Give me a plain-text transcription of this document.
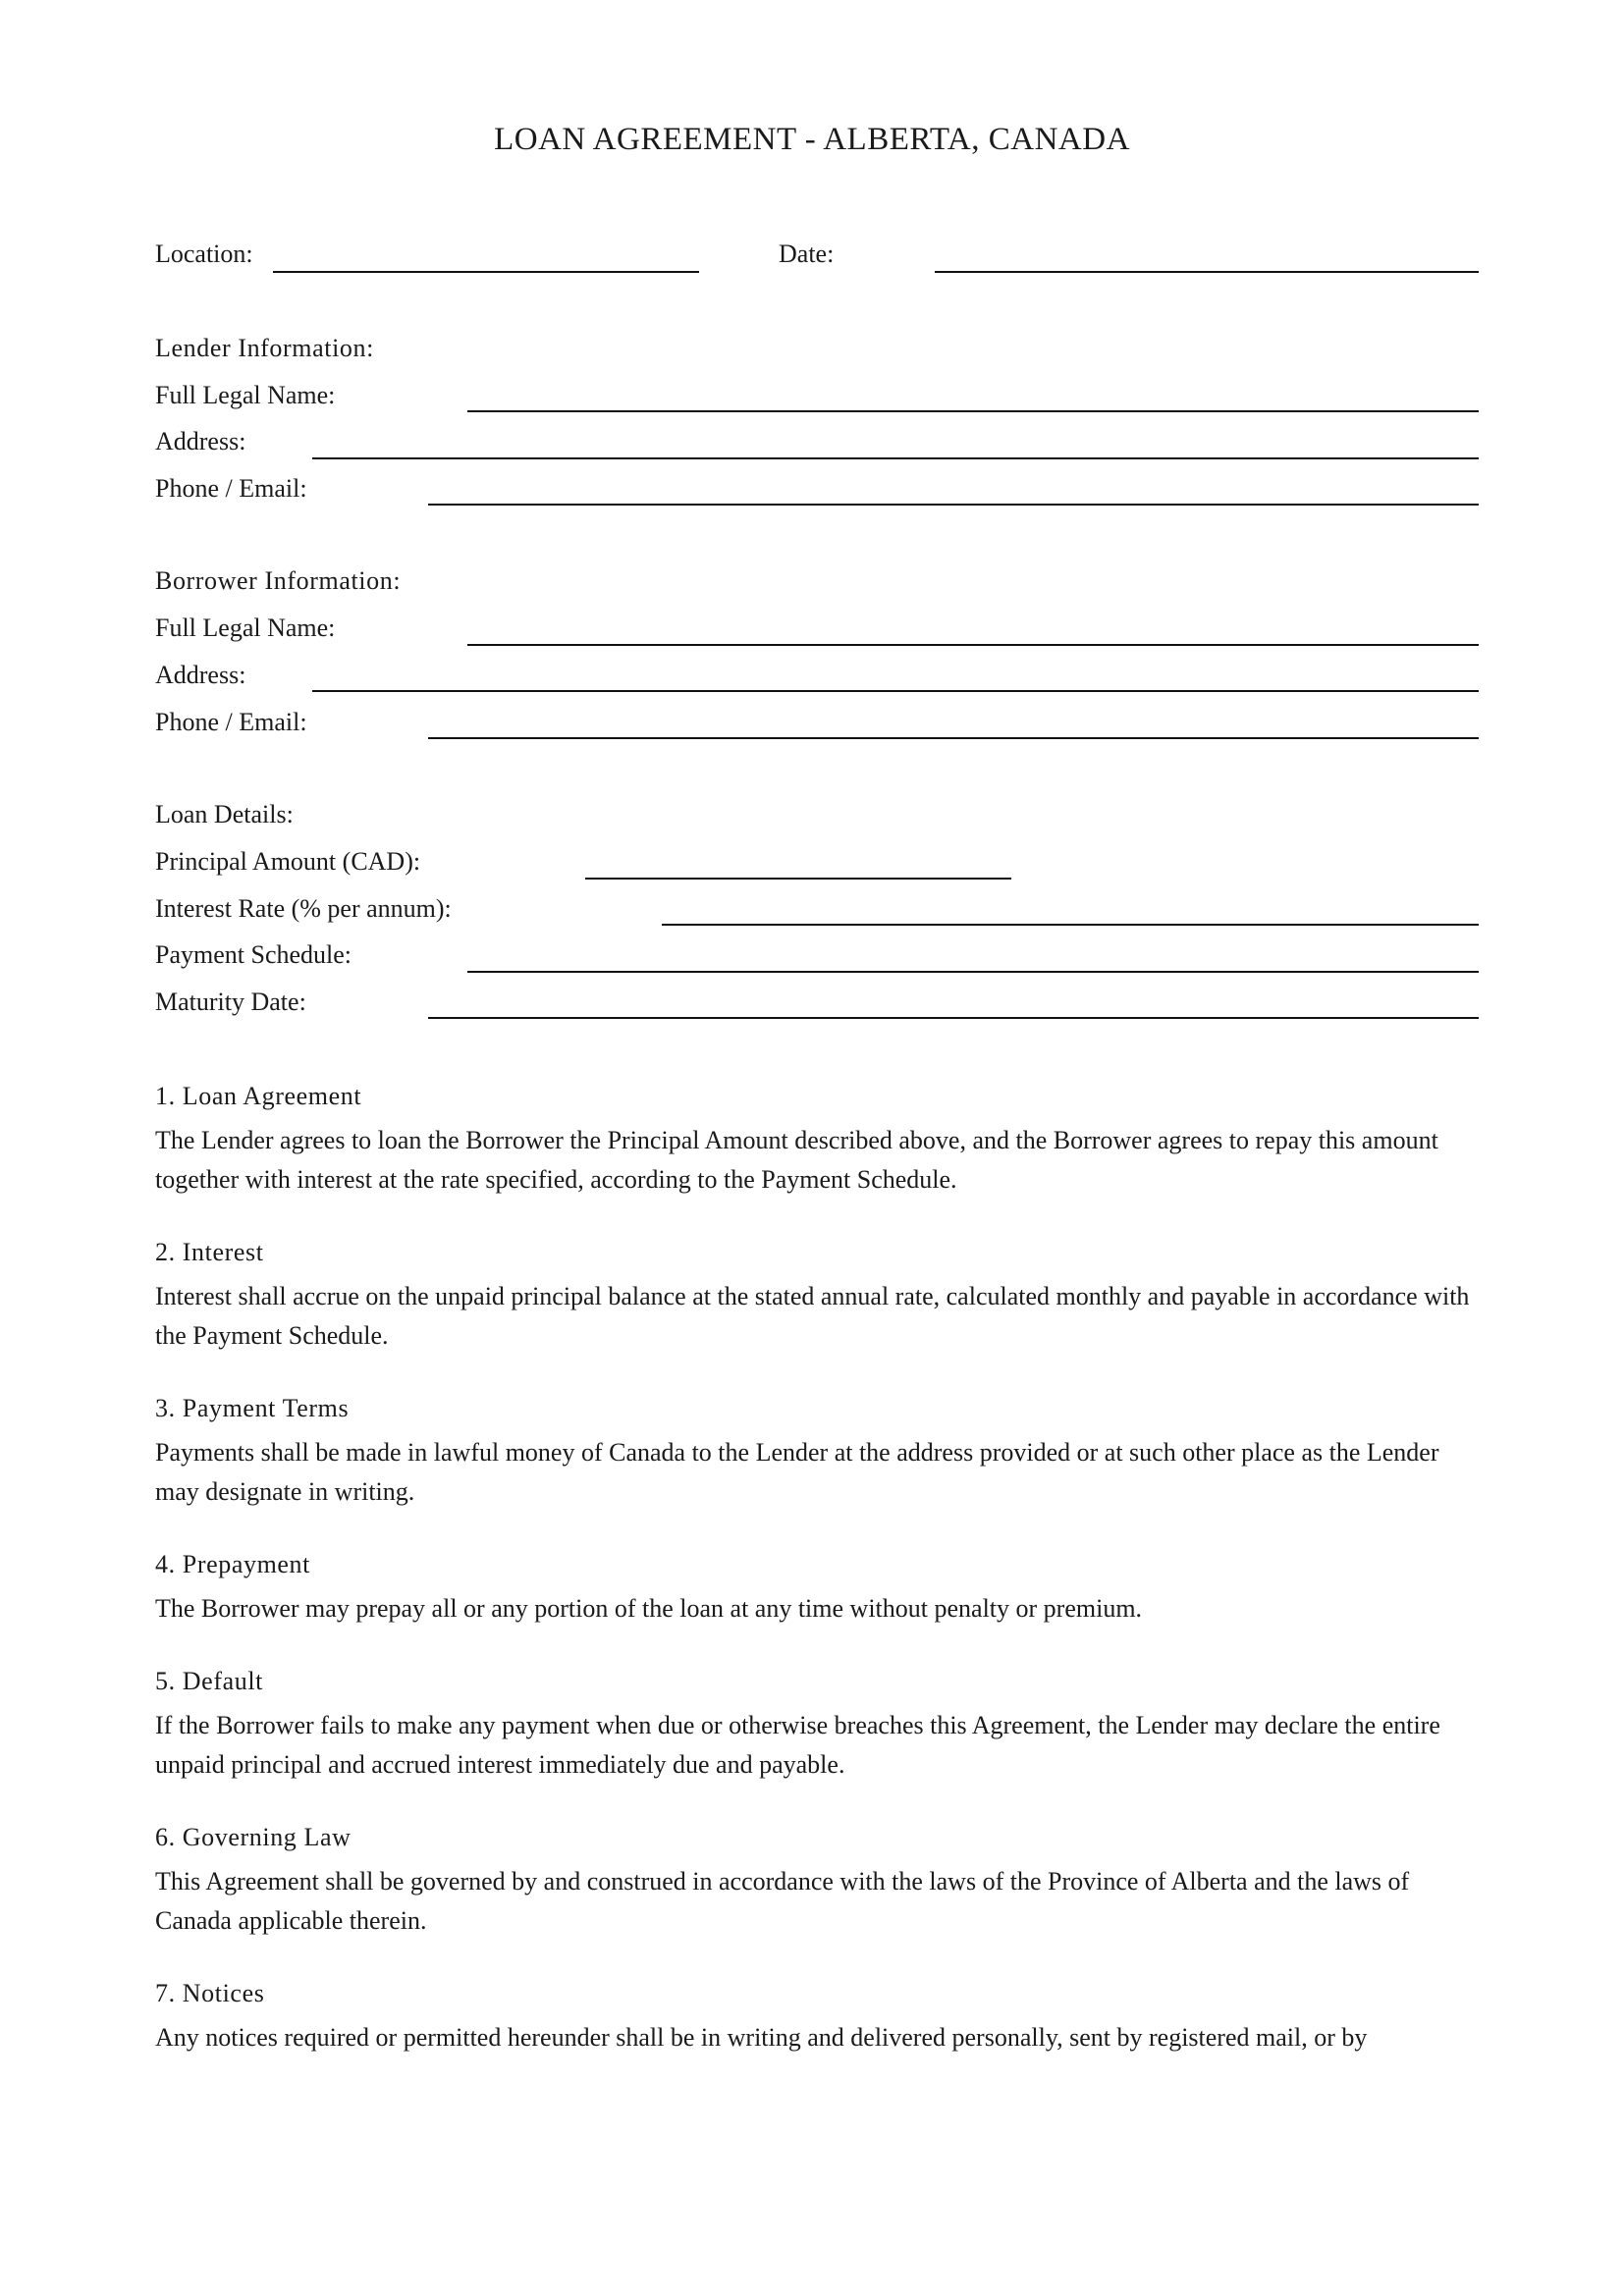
LOAN AGREEMENT - ALBERTA, CANADA
Location:	Date:
Lender Information:
Full Legal Name:
Address:
Phone / Email:
Borrower Information:
Full Legal Name:
Address:
Phone / Email:
Loan Details:
Principal Amount (CAD):
Interest Rate (% per annum):
Payment Schedule:
Maturity Date:
1. Loan Agreement

The Lender agrees to loan the Borrower the Principal Amount described above, and the Borrower agrees to repay this amount together with interest at the rate specified, according to the Payment Schedule.

2. Interest

Interest shall accrue on the unpaid principal balance at the stated annual rate, calculated monthly and payable in accordance with the Payment Schedule.

3. Payment Terms

Payments shall be made in lawful money of Canada to the Lender at the address provided or at such other place as the Lender may designate in writing.

4. Prepayment

The Borrower may prepay all or any portion of the loan at any time without penalty or premium.

5. Default

If the Borrower fails to make any payment when due or otherwise breaches this Agreement, the Lender may declare the entire unpaid principal and accrued interest immediately due and payable.

6. Governing Law

This Agreement shall be governed by and construed in accordance with the laws of the Province of Alberta and the laws of Canada applicable therein.

7. Notices

Any notices required or permitted hereunder shall be in writing and delivered personally, sent by registered mail, or by
